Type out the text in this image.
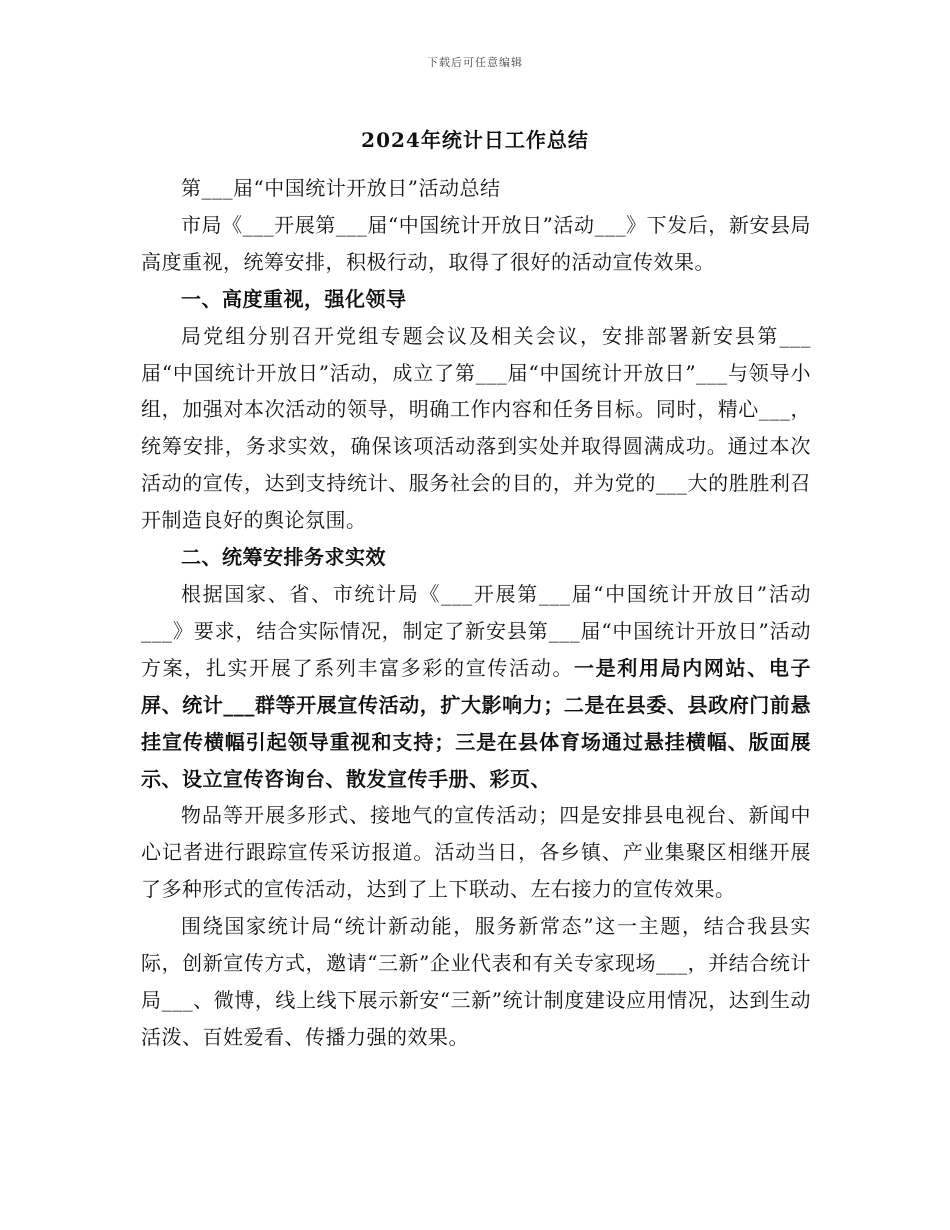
下载后可任意编辑
2024年统计日工作总结

第___届“中国统计开放日”活动总结

市局《___开展第___届“中国统计开放日”活动___》下发后，新安县局高度重视，统筹安排，积极行动，取得了很好的活动宣传效果。

一、高度重视，强化领导

局党组分别召开党组专题会议及相关会议，安排部署新安县第___届“中国统计开放日”活动，成立了第___届“中国统计开放日”___与领导小组，加强对本次活动的领导，明确工作内容和任务目标。同时，精心___，统筹安排，务求实效，确保该项活动落到实处并取得圆满成功。通过本次活动的宣传，达到支持统计、服务社会的目的，并为党的___大的胜胜利召开制造良好的舆论氛围。

二、统筹安排务求实效

根据国家、省、市统计局《___开展第___届“中国统计开放日”活动___》要求，结合实际情况，制定了新安县第___届“中国统计开放日”活动方案，扎实开展了系列丰富多彩的宣传活动。一是利用局内网站、电子屏、统计___群等开展宣传活动，扩大影响力；二是在县委、县政府门前悬挂宣传横幅引起领导重视和支持；三是在县体育场通过悬挂横幅、版面展示、设立宣传咨询台、散发宣传手册、彩页、

物品等开展多形式、接地气的宣传活动；四是安排县电视台、新闻中心记者进行跟踪宣传采访报道。活动当日，各乡镇、产业集聚区相继开展了多种形式的宣传活动，达到了上下联动、左右接力的宣传效果。

围绕国家统计局“统计新动能，服务新常态”这一主题，结合我县实际，创新宣传方式，邀请“三新”企业代表和有关专家现场___，并结合统计局___、微博，线上线下展示新安“三新”统计制度建设应用情况，达到生动活泼、百姓爱看、传播力强的效果。
